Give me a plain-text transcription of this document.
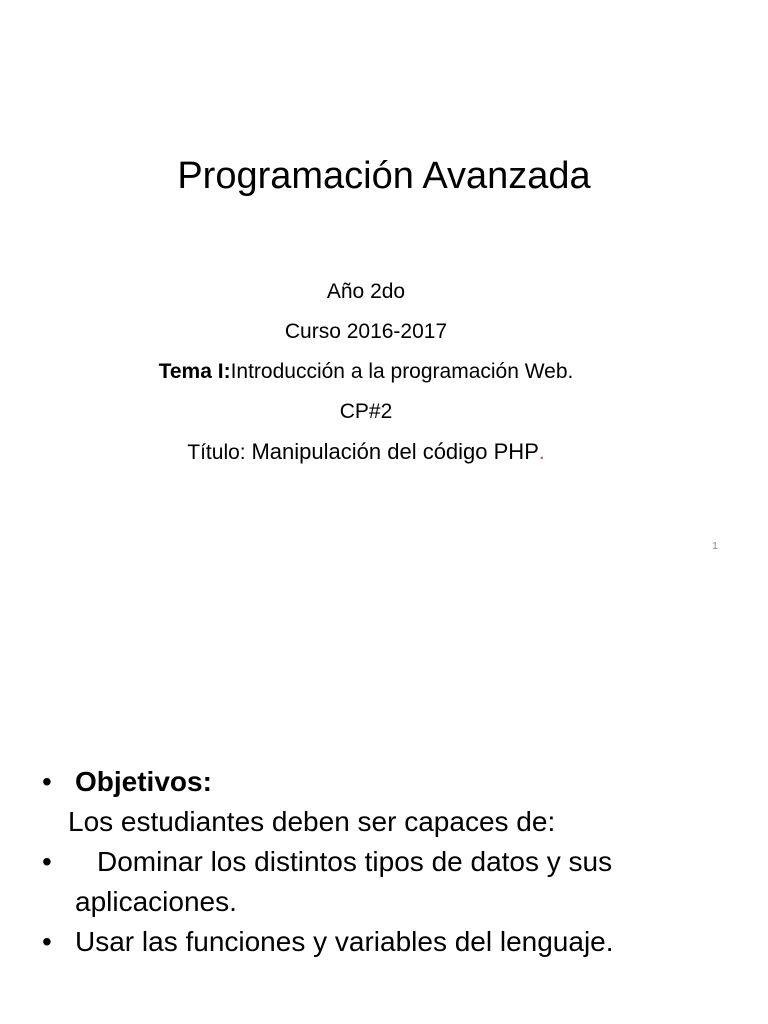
Programación Avanzada
Año 2do
Curso 2016-2017
Tema I:Introducción a la programación Web.
CP#2
Título: Manipulación del código PHP.
1
• Objetivos:
Los estudiantes deben ser capaces de:
• Dominar los distintos tipos de datos y sus
aplicaciones.
• Usar las funciones y variables del lenguaje.
